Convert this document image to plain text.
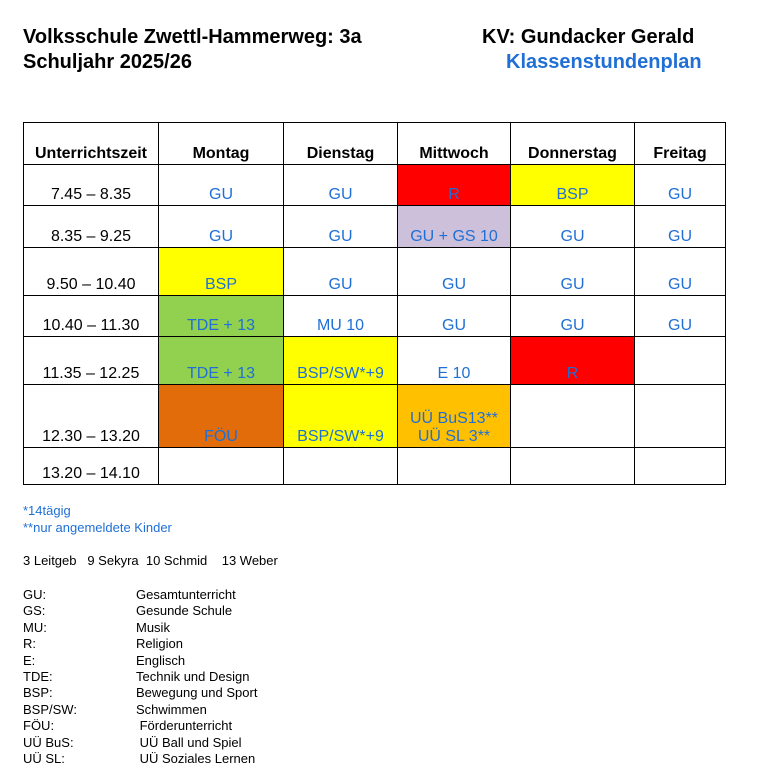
Volksschule Zwettl-Hammerweg: 3a
Schuljahr 2025/26
KV: Gundacker Gerald
Klassenstundenplan
Unterrichtszeit	Montag	Dienstag	Mittwoch	Donnerstag	Freitag
7.45 – 8.35	GU	GU	R	BSP	GU

8.35 – 9.25	GU	GU	GU + GS 10	GU	GU

9.50 – 10.40	BSP	GU	GU	GU	GU

10.40 – 11.30	TDE + 13	MU 10	GU	GU	GU

11.35 – 12.25	TDE + 13	BSP/SW*+9	E 10	R	

12.30 – 13.20	FÖU	BSP/SW*+9	UÜ BuS13**
UÜ SL 3**		

13.20 – 14.10					
*14tägig
**nur angemeldete Kinder
3 Leitgeb   9 Sekyra  10 Schmid    13 Weber
GU:	Gesamtunterricht
GS:	Gesunde Schule
MU:	Musik
R:	Religion
E:	Englisch
TDE:	Technik und Design
BSP:	Bewegung und Sport
BSP/SW:	Schwimmen
FÖU:	Förderunterricht
UÜ BuS:	UÜ Ball und Spiel
UÜ SL:	UÜ Soziales Lernen
